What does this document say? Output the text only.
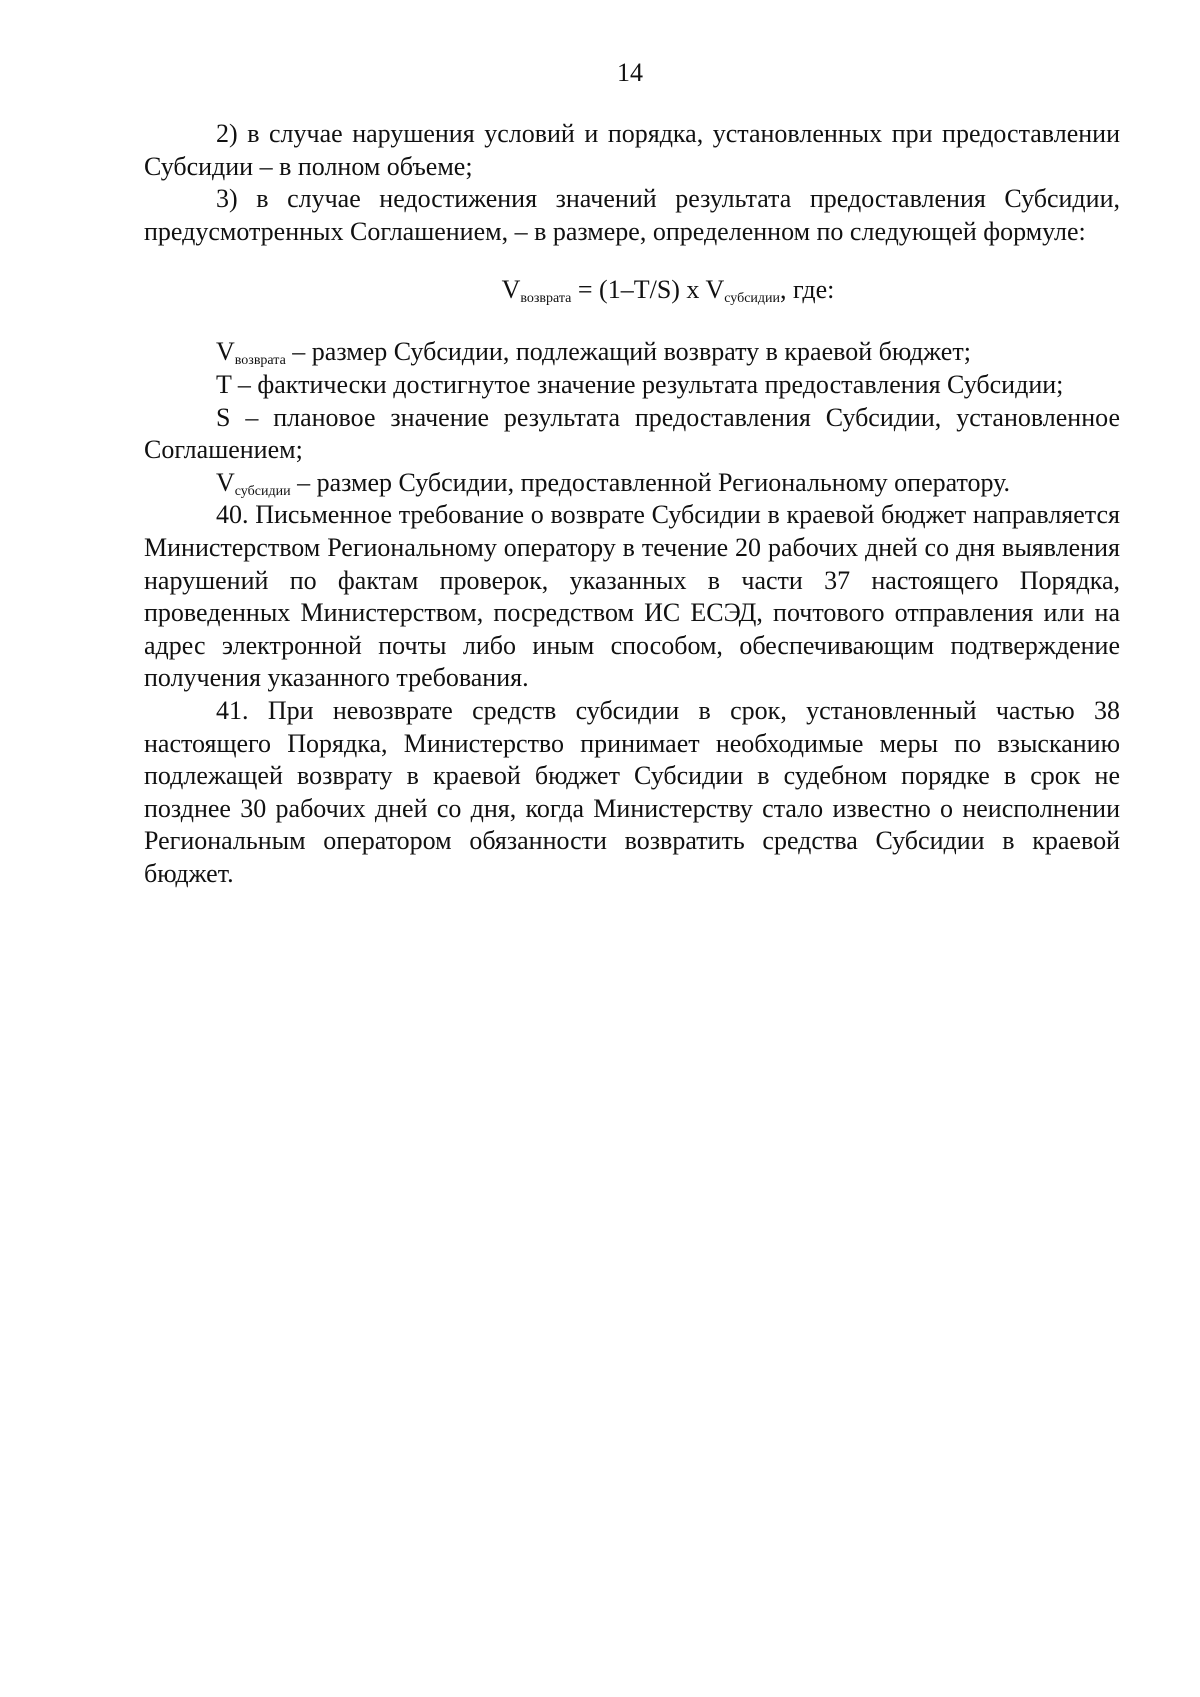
14

2) в случае нарушения условий и порядка, установленных при предоставлении Субсидии – в полном объеме;

3) в случае недостижения значений результата предоставления Субсидии, предусмотренных Соглашением, – в размере, определенном по следующей формуле:

$V_{возврата} = (1-T/S)$ x $V_{субсидии}$, где:

$V_{возврата}$ – размер Субсидии, подлежащий возврату в краевой бюджет;

T – фактически достигнутое значение результата предоставления Субсидии;

S – плановое значение результата предоставления Субсидии, установленное Соглашением;

$V_{субсидии}$ – размер Субсидии, предоставленной Региональному оператору.

40. Письменное требование о возврате Субсидии в краевой бюджет направляется Министерством Региональному оператору в течение 20 рабочих дней со дня выявления нарушений по фактам проверок, указанных в части 37 настоящего Порядка, проведенных Министерством, посредством ИС ЕСЭД, почтового отправления или на адрес электронной почты либо иным способом, обеспечивающим подтверждение получения указанного требования.

41. При невозврате средств субсидии в срок, установленный частью 38 настоящего Порядка, Министерство принимает необходимые меры по взысканию подлежащей возврату в краевой бюджет Субсидии в судебном порядке в срок не позднее 30 рабочих дней со дня, когда Министерству стало известно о неисполнении Региональным оператором обязанности возвратить средства Субсидии в краевой бюджет.
